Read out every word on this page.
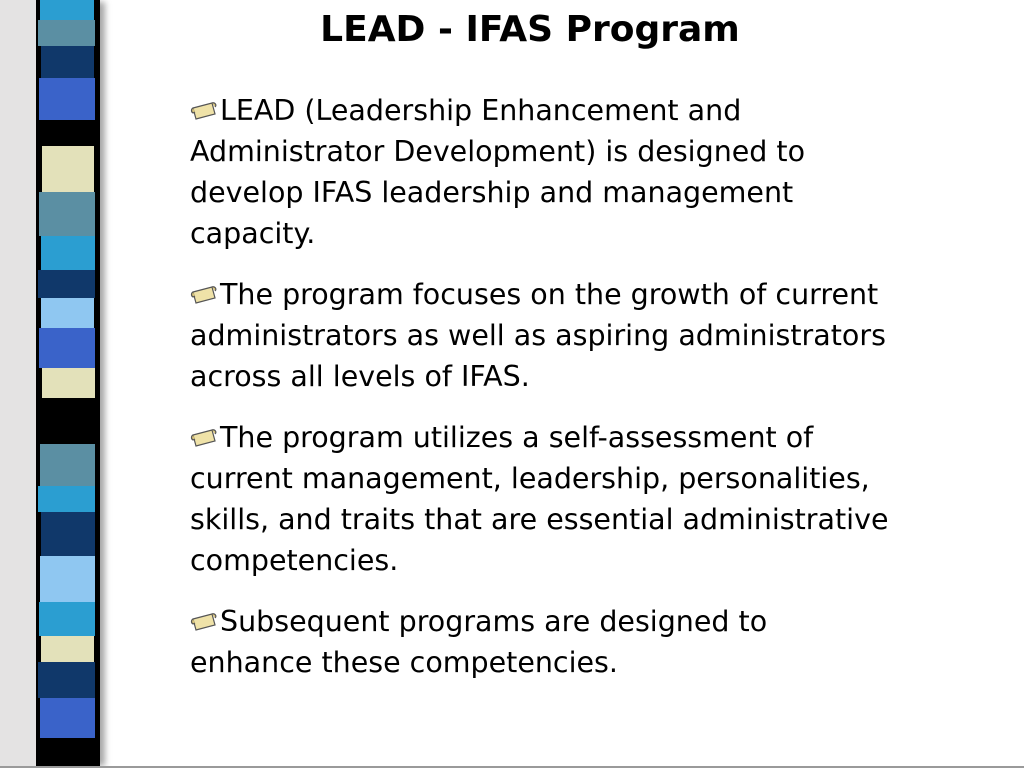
LEAD - IFAS Program

LEAD (Leadership Enhancement and Administrator Development) is designed to develop IFAS leadership and management capacity.

The program focuses on the growth of current administrators as well as aspiring administrators across all levels of IFAS.

The program utilizes a self-assessment of current management, leadership, personalities, skills, and traits that are essential administrative competencies.

Subsequent programs are designed to enhance these competencies.
